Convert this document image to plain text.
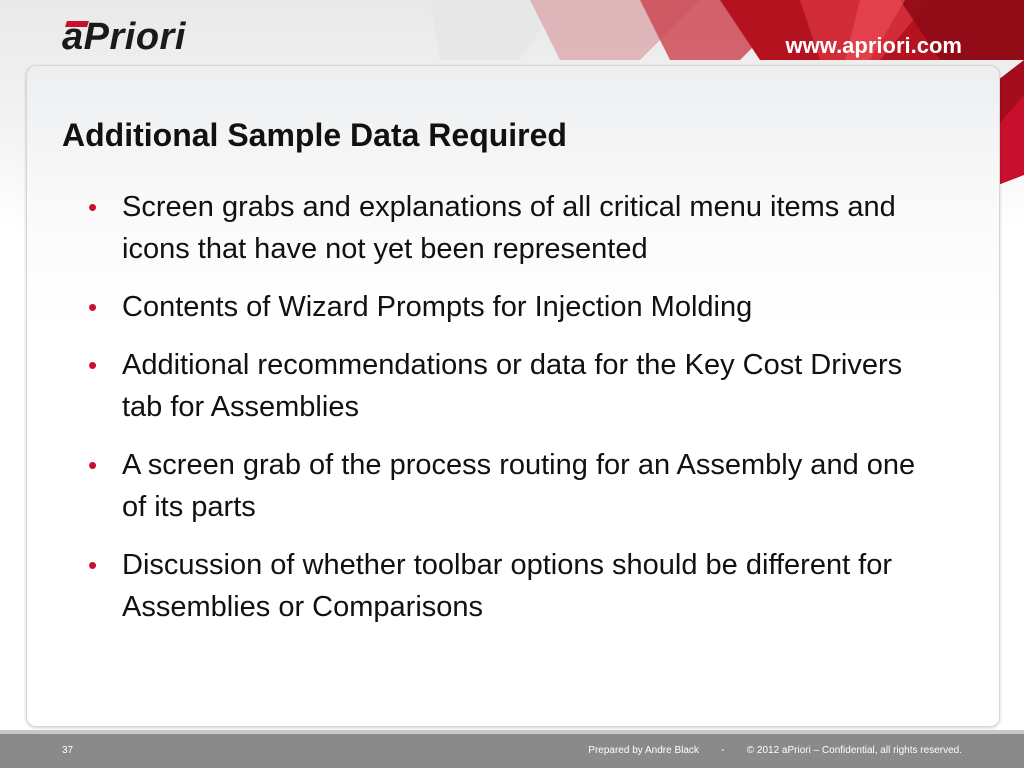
aPriori	www.apriori.com
Additional Sample Data Required
• Screen grabs and explanations of all critical menu items and icons that have not yet been represented
• Contents of Wizard Prompts for Injection Molding
• Additional recommendations or data for the Key Cost Drivers tab for Assemblies
• A screen grab of the process routing for an Assembly and one of its parts
• Discussion of whether toolbar options should be different for Assemblies or Comparisons
37	Prepared by Andre Black - © 2012 aPriori – Confidential, all rights reserved.
